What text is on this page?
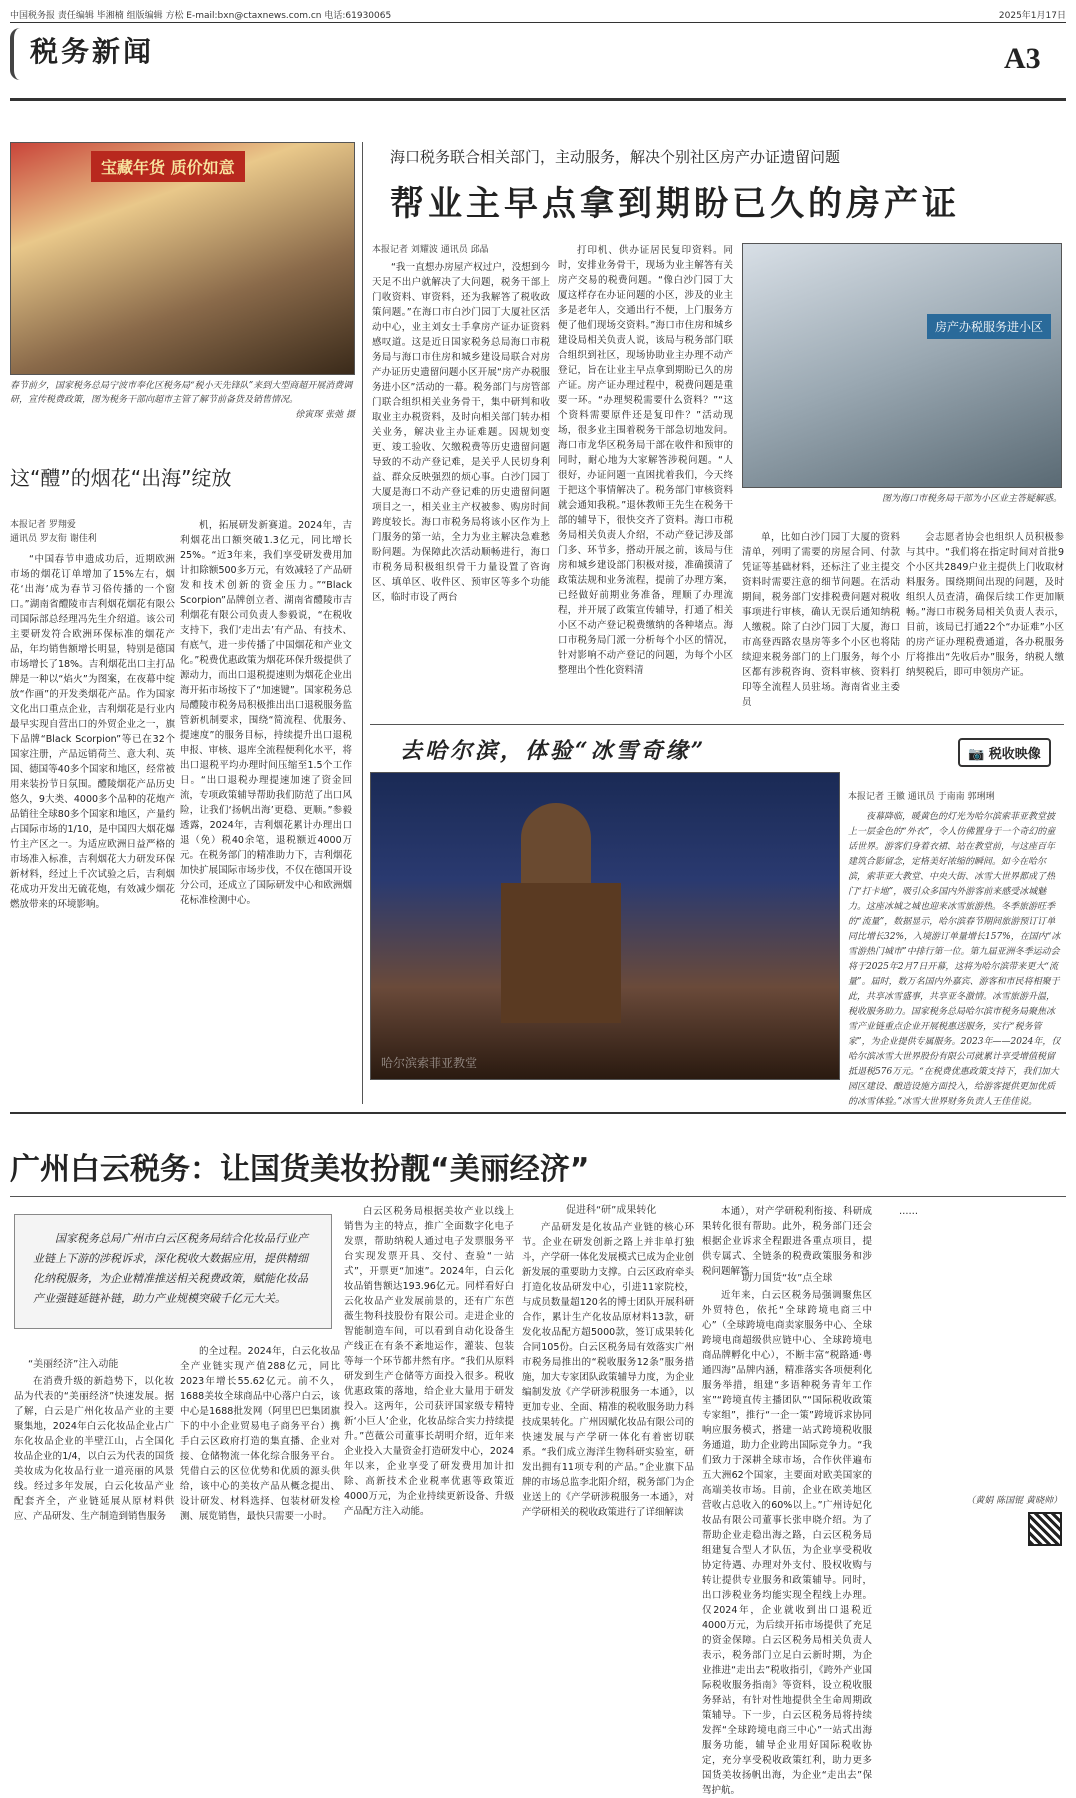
中国税务报 责任编辑 毕湘楠 组版编辑 方松 E-mail:bxn@ctaxnews.com.cn 电话:61930065	2025年1月17日
税务新闻	A3
宝藏年货 质价如意
春节前夕，国家税务总局宁波市奉化区税务局“税小天先锋队”来到大型商超开展消费调研，宣传税费政策，图为税务干部向超市主管了解节前备货及销售情况。
徐寅琛 张弛 摄
这“醴”的烟花“出海”绽放
本报记者 罗翔爱
通讯员 罗友衔 谢佳利

“中国春节申遗成功后，近期欧洲市场的烟花订单增加了15%左右，烟花‘出海’成为春节习俗传播的一个窗口。”湖南省醴陵市吉利烟花烟花有限公司国际部总经理冯先生介绍道。该公司主要研发符合欧洲环保标准的烟花产品，年均销售额增长明显，特别是德国市场增长了18%。吉利烟花出口主打品牌是一种以“焰火”为图案，在夜幕中绽放“作画”的开发类烟花产品。作为国家文化出口重点企业，吉利烟花是行业内最早实现自营出口的外贸企业之一，旗下品牌“Black Scorpion”等已在32个国家注册，产品远销荷兰、意大利、英国、德国等40多个国家和地区，经常被用来装扮节日氛围。醴陵烟花产品历史悠久，9大类、4000多个品种的花炮产品销往全球80多个国家和地区，产量约占国际市场的1/10，是中国四大烟花爆竹主产区之一。为适应欧洲日益严格的市场准入标准，吉利烟花大力研发环保新材料，经过上千次试验之后，吉利烟花成功开发出无硫花炮，有效减少烟花燃放带来的环境影响。

机，拓展研发新赛道。2024年，吉利烟花出口额突破1.3亿元，同比增长25%。“近3年来，我们享受研发费用加计扣除额500多万元，有效减轻了产品研发和技术创新的资金压力。”“Black Scorpion”品牌创立者、湖南省醴陵市吉利烟花有限公司负责人参毅说，“在税收支持下，我们‘走出去’有产品、有技术、有底气，进一步传播了中国烟花和产业文化。”税费优惠政策为烟花环保升级提供了源动力，而出口退税提速则为烟花企业出海开拓市场按下了“加速键”。国家税务总局醴陵市税务局积极推出出口退税服务监管新机制要求，围绕“简流程、优服务、提速度”的服务目标，持续提升出口退税申报、审核、退库全流程便利化水平，将出口退税平均办理时间压缩至1.5个工作日。“出口退税办理提速加速了资金回流，专项政策辅导帮助我们防范了出口风险，让我们‘扬帆出海’更稳、更顺。”参毅透露，2024年，吉利烟花累计办理出口退（免）税40余笔，退税额近4000万元。在税务部门的精准助力下，吉利烟花加快扩展国际市场步伐，不仅在德国开设分公司，还成立了国际研发中心和欧洲烟花标准检测中心。

海口税务联合相关部门，主动服务，解决个别社区房产办证遗留问题
帮业主早点拿到期盼已久的房产证
本报记者 刘耀波 通讯员 邱晶

“我一直想办房屋产权过户，没想到今天足不出户就解决了大问题，税务干部上门收资料、审资料，还为我解答了税收政策问题。”在海口市白沙门园丁大厦社区活动中心，业主刘女士手拿房产证办证资料感叹道。这是近日国家税务总局海口市税务局与海口市住房和城乡建设局联合对房产办证历史遗留问题小区开展“房产办税服务进小区”活动的一幕。税务部门与房管部门联合组织相关业务骨干，集中研判和收取业主办税资料，及时向相关部门转办相关业务，解决业主办证难题。因规划变更、竣工验收、欠缴税费等历史遗留问题导致的不动产登记难，是关乎人民切身利益、群众反映强烈的烦心事。白沙门园丁大厦是海口不动产登记难的历史遗留问题项目之一，相关业主产权被参、购房时间跨度较长。海口市税务局将该小区作为上门服务的第一站，全力为业主解决急难愁盼问题。为保障此次活动顺畅进行，海口市税务局积极组织骨干力量设置了咨询区、填单区、收件区、预审区等多个功能区，临时市设了两台

打印机、供办证居民复印资料。同时，安排业务骨干，现场为业主解答有关房产交易的税费问题。“像白沙门园丁大厦这样存在办证问题的小区，涉及的业主多是老年人，交通出行不便，上门服务方便了他们现场交资料。”海口市住房和城乡建设局相关负责人说，该局与税务部门联合组织到社区，现场协助业主办理不动产登记，旨在让业主早点拿到期盼已久的房产证。房产证办理过程中，税费问题是重要一环。“办理契税需要什么资料？”“这个资料需要原件还是复印件？”活动现场，很多业主围着税务干部急切地发问。海口市龙华区税务局干部在收件和预审的同时，耐心地为大家解答涉税问题。“人很好，办证问题一直困扰着我们，今天终于把这个事情解决了。税务部门审核资料就会通知我税。”退休教师王先生在税务干部的辅导下，很快交齐了资料。海口市税务局相关负责人介绍，不动产登记涉及部门多、环节多，搭动开展之前，该局与住房和城乡建设部门积极对接，准确摸清了政策法规和业务流程，提前了办理方案，已经做好前期业务准备，理顺了办理流程，并开展了政策宣传辅导，打通了相关小区不动产登记税费缴纳的各种堵点。海口市税务局门派一分析每个小区的情况，针对影响不动产登记的问题，为每个小区整理出个性化资料清

房产办税服务进小区
图为海口市税务局干部为小区业主答疑解惑。

单，比如白沙门园丁大厦的资料清单，列明了需要的房屋合同、付款凭证等基础材料，还标注了业主提交资料时需要注意的细节问题。在活动期间，税务部门安排税费问题对税收事项进行审核，确认无误后通知纳税人缴税。除了白沙门园丁大厦，海口市高登西路农垦房等多个小区也将陆续迎来税务部门的上门服务，每个小区都有涉税咨询、资料审核、资料打印等全流程人员驻场。海南省业主委员

会志愿者协会也组织人员积极参与其中。“我们将在指定时间对首批9个小区共2849户业主提供上门收取材料服务。围绕期间出现的问题，及时组织人员查清，确保后续工作更加顺畅。”海口市税务局相关负责人表示，目前，该局已打通22个“办证难”小区的房产证办理税费通道，各办税服务厅将推出“先收后办”服务，纳税人缴纳契税后，即可申领房产证。

去哈尔滨，体验“冰雪奇缘”	📷 税收映像
哈尔滨索菲亚教堂
本报记者 王徽 通讯员 于南南 郭琍琍
夜幕降临，暖黄色的灯光为哈尔滨索菲亚教堂披上一层金色的“外衣”，令人仿佛置身于一个奇幻的童话世界。游客们身着衣裙、站在教堂前，与这座百年建筑合影留念，定格美好浓缩的瞬间。如今在哈尔滨，索菲亚大教堂、中央大街、冰雪大世界都成了热门“打卡地”，吸引众多国内外游客前来感受冰城魅力。这座冰城之城也迎来冰雪旅游热。冬季旅游旺季的“流量”，数据显示，哈尔滨春节期间旅游预订订单同比增长32%，入境游订单量增长157%，在国内“冰雪游热门城市”中排行第一位。第九届亚洲冬季运动会将于2025年2月7日开幕，这将为哈尔滨带来更大“流量”。届时，数万名国内外嘉宾、游客和市民将相聚于此，共享冰雪盛事，共享亚冬激情。冰雪旅游升温，税收服务助力。国家税务总局哈尔滨市税务局聚焦冰雪产业链重点企业开展税惠送服务，实行“税务管家”，为企业提供专属服务。2023年——2024年，仅哈尔滨冰雪大世界股份有限公司就累计享受增值税留抵退税576万元。“在税费优惠政策支持下，我们加大园区建设、酿造设施方面投入，给游客提供更加优质的冰雪体验。”冰雪大世界财务负责人王佳佳说。
广州白云税务：让国货美妆扮靓“美丽经济”
国家税务总局广州市白云区税务局结合化妆品行业产业链上下游的涉税诉求，深化税收大数据应用，提供精细化纳税服务，为企业精准推送相关税费政策，赋能化妆品产业强链延链补链，助力产业规模突破千亿元大关。
“美丽经济”注入动能

在消费升级的新趋势下，以化妆品为代表的“美丽经济”快速发展。据了解，白云是广州化妆品产业的主要聚集地，2024年白云化妆品企业占广东化妆品企业的半壁江山，占全国化妆品企业的1/4，以白云为代表的国货美妆成为化妆品行业一道亮丽的风景线。经过多年发展，白云化妆品产业配套齐全，产业链延展从原材料供应、产品研发、生产制造到销售服务

的全过程。2024年，白云化妆品全产业链实现产值288亿元，同比2023年增长55.62亿元。前不久，1688美妆全球商品中心落户白云，该中心是1688批发网（阿里巴巴集团旗下的中小企业贸易电子商务平台）携手白云区政府打造的集直播、企业对接、仓储物流一体化综合服务平台。凭借白云的区位优势和优质的源头供给，该中心的美妆产品从概念提出、设计研发、材料选择、包装材研发检测、展览销售，最快只需要一小时。

白云区税务局根据美妆产业以线上销售为主的特点，推广全面数字化电子发票，帮助纳税人通过电子发票服务平台实现发票开具、交付、查验“一站式”，开票更“加速”。2024年，白云化妆品销售额达193.96亿元。同样看好白云化妆品产业发展前景的，还有广东芭薇生物科技股份有限公司。走进企业的智能制造车间，可以看到自动化设备生产线正在有条不紊地运作，灌装、包装等每一个环节都井然有序。“我们从原料研发到生产仓储等方面投入很多。税收优惠政策的落地，给企业大量用于研发投入。这两年，公司获评国家级专精特新‘小巨人’企业，化妆品综合实力持续提升。”芭薇公司董事长胡明介绍，近年来企业投入大量资金打造研发中心，2024年以来，企业享受了研发费用加计扣除、高新技术企业税率优惠等政策近4000万元，为企业持续更新设备、升级产品配方注入动能。

促进科“研”成果转化

产品研发是化妆品产业链的核心环节。企业在研发创新之路上并非单打独斗，产学研一体化发展模式已成为企业创新发展的重要助力支撑。白云区政府牵头打造化妆品研发中心，引进11家院校，与成员数量超120名的博士团队开展科研合作，累计生产化妆品原材料13款，研发化妆品配方超5000款，签订成果转化合同105份。白云区税务局有效落实广州市税务局推出的“税收服务12条”服务措施，加大专家团队政策辅导力度，为企业编制发放《产学研涉税服务一本通》，以更加专业、全面、精准的税收服务助力科技成果转化。广州因赋化妆品有限公司的快速发展与产学研一体化有着密切联系。“我们成立海洋生物科研实验室，研发出拥有11项专利的产品。”企业旗下品牌的市场总监李北阳介绍，税务部门为企业送上的《产学研涉税服务一本通》，对产学研相关的税收政策进行了详细解读

本通），对产学研税利衔接、科研成果转化很有帮助。此外，税务部门还会根据企业诉求全程跟进各重点项目，提供专属式、全链条的税费政策服务和涉税问题解答。

助力国货“妆”点全球

近年来，白云区税务局强调聚焦区外贸特色，依托“全球跨境电商三中心”（全球跨境电商卖家服务中心、全球跨境电商超级供应链中心、全球跨境电商品牌孵化中心），不断丰富“税路通·粤通四海”品牌内涵，精准落实各项便利化服务举措，组建“多语种税务青年工作室”“跨境直传主播团队”“国际税收政策专家组”，推行“一企一策”跨境诉求协同响应服务模式，搭建一站式跨境税收服务通道，助力企业跨出国际竞争力。“我们致力于深耕全球市场，合作伙伴遍布五大洲62个国家，主要面对欧美国家的高端美妆市场。目前，企业在欧美地区营收占总收入的60%以上。”广州诗妃化妆品有限公司董事长张申晓介绍。为了帮助企业走稳出海之路，白云区税务局组建复合型人才队伍，为企业享受税收协定待遇、办理对外支付、股权收购与转让提供专业服务和政策辅导。同时，出口涉税业务均能实现全程线上办理。仅2024年，企业就收到出口退税近4000万元，为后续开拓市场提供了充足的资金保障。白云区税务局相关负责人表示，税务部门立足白云新时期，为企业推进“走出去”税收指引，《跨外产业国际税收服务指南》等资料，设立税收服务驿站，有针对性地提供全生命周期政策辅导。下一步，白云区税务局将持续发挥“全球跨境电商三中心”一站式出海服务功能，辅导企业用好国际税收协定，充分享受税收政策红利，助力更多国货美妆扬帆出海，为企业“走出去”保驾护航。

……

（黄娟 陈国锟 黄晓帅）
